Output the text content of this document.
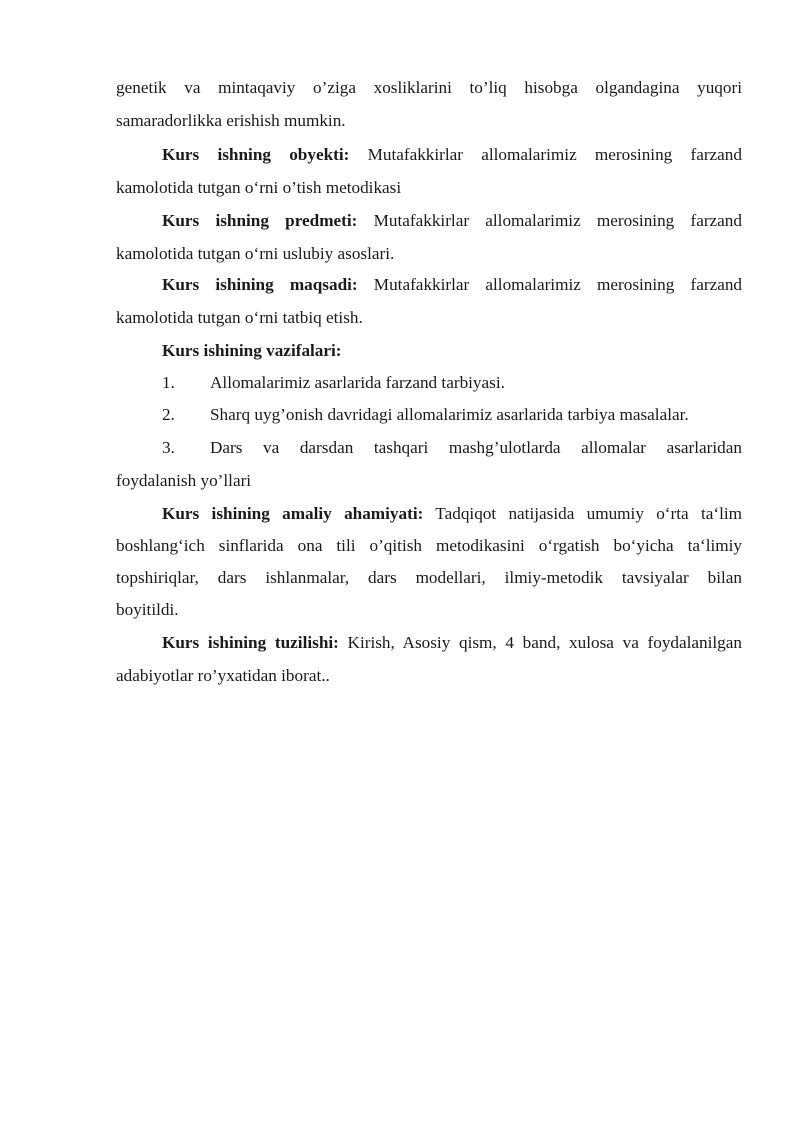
genetik va mintaqaviy o’ziga xosliklarini to’liq hisobga olgandagina yuqori
samaradorlikka erishish mumkin.
Kurs ishning obyekti: Mutafakkirlar allomalarimiz merosining farzand
kamolotida tutgan o‘rni o’tish metodikasi
Kurs ishning predmeti: Mutafakkirlar allomalarimiz merosining farzand
kamolotida tutgan o‘rni uslubiy asoslari.
Kurs ishining maqsadi: Mutafakkirlar allomalarimiz merosining farzand
kamolotida tutgan o‘rni tatbiq etish.
Kurs ishining vazifalari:
1. Allomalarimiz asarlarida farzand tarbiyasi.
2. Sharq uyg’onish davridagi allomalarimiz asarlarida tarbiya masalalar.
3. Dars va darsdan tashqari mashg’ulotlarda allomalar asarlaridan
foydalanish yo’llari
Kurs ishining amaliy ahamiyati: Tadqiqot natijasida umumiy o‘rta ta‘lim
boshlang‘ich sinflarida ona tili o’qitish metodikasini o‘rgatish bo‘yicha ta‘limiy
topshiriqlar, dars ishlanmalar, dars modellari, ilmiy-metodik tavsiyalar bilan
boyitildi.
Kurs ishining tuzilishi: Kirish, Asosiy qism, 4 band, xulosa va foydalanilgan
adabiyotlar ro’yxatidan iborat..
